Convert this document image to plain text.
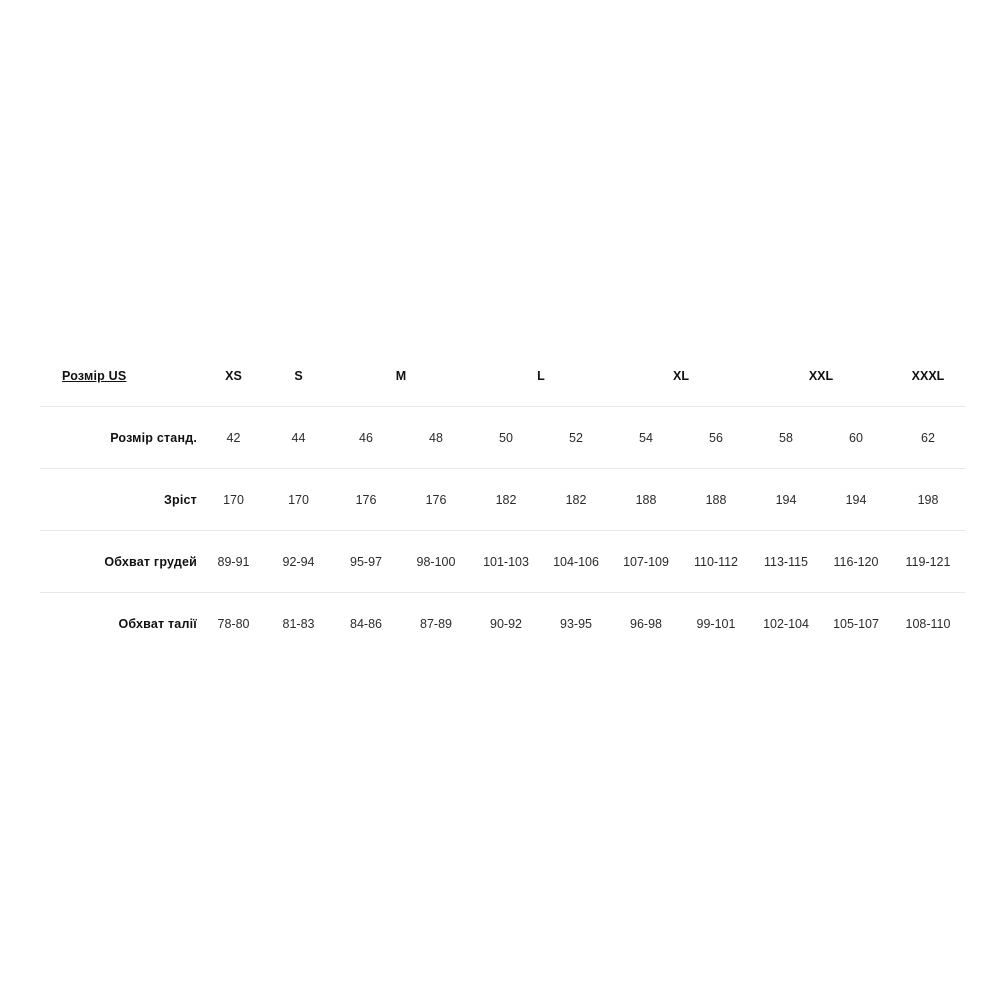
Розмір US	XS	S	M		L		XL		XXL		XXXL
Розмір станд.	42	44	46	48	50	52	54	56	58	60	62
Зріст	170	170	176	176	182	182	188	188	194	194	198
Обхват грудей	89-91	92-94	95-97	98-100	101-103	104-106	107-109	110-112	113-115	116-120	119-121
Обхват талії	78-80	81-83	84-86	87-89	90-92	93-95	96-98	99-101	102-104	105-107	108-110
